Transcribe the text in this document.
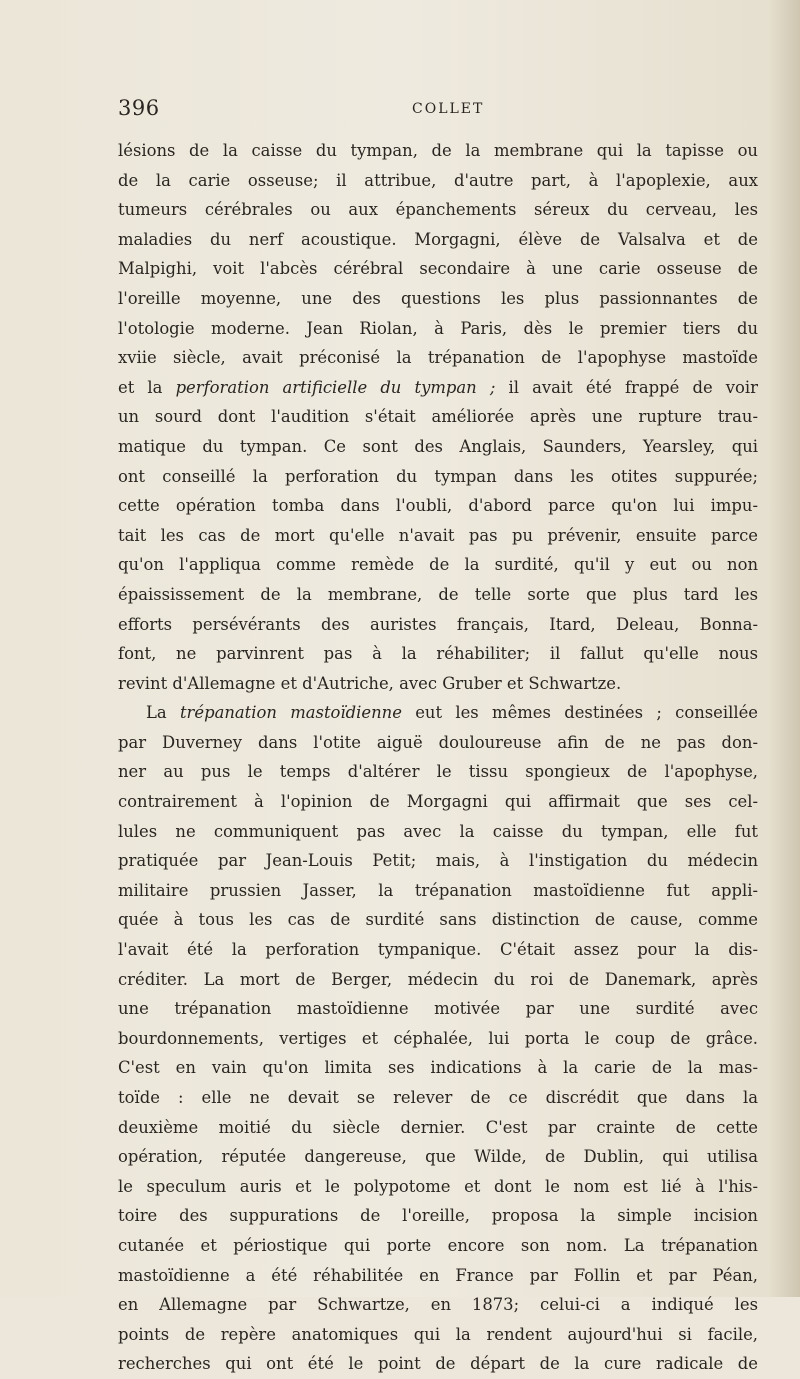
396	COLLET
lésions de la caisse du tympan, de la membrane qui la tapisse ou
de la carie osseuse; il attribue, d'autre part, à l'apoplexie, aux
tumeurs cérébrales ou aux épanchements séreux du cerveau, les
maladies du nerf acoustique. Morgagni, élève de Valsalva et de
Malpighi, voit l'abcès cérébral secondaire à une carie osseuse de
l'oreille moyenne, une des questions les plus passionnantes de
l'otologie moderne. Jean Riolan, à Paris, dès le premier tiers du
xviie siècle, avait préconisé la trépanation de l'apophyse mastoïde
et la perforation artificielle du tympan ; il avait été frappé de voir
un sourd dont l'audition s'était améliorée après une rupture trau-
matique du tympan. Ce sont des Anglais, Saunders, Yearsley, qui
ont conseillé la perforation du tympan dans les otites suppurée;
cette opération tomba dans l'oubli, d'abord parce qu'on lui impu-
tait les cas de mort qu'elle n'avait pas pu prévenir, ensuite parce
qu'on l'appliqua comme remède de la surdité, qu'il y eut ou non
épaississement de la membrane, de telle sorte que plus tard les
efforts persévérants des auristes français, Itard, Deleau, Bonna-
font, ne parvinrent pas à la réhabiliter; il fallut qu'elle nous
revint d'Allemagne et d'Autriche, avec Gruber et Schwartze.
La trépanation mastoïdienne eut les mêmes destinées ; conseillée
par Duverney dans l'otite aiguë douloureuse afin de ne pas don-
ner au pus le temps d'altérer le tissu spongieux de l'apophyse,
contrairement à l'opinion de Morgagni qui affirmait que ses cel-
lules ne communiquent pas avec la caisse du tympan, elle fut
pratiquée par Jean-Louis Petit; mais, à l'instigation du médecin
militaire prussien Jasser, la trépanation mastoïdienne fut appli-
quée à tous les cas de surdité sans distinction de cause, comme
l'avait été la perforation tympanique. C'était assez pour la dis-
créditer. La mort de Berger, médecin du roi de Danemark, après
une trépanation mastoïdienne motivée par une surdité avec
bourdonnements, vertiges et céphalée, lui porta le coup de grâce.
C'est en vain qu'on limita ses indications à la carie de la mas-
toïde : elle ne devait se relever de ce discrédit que dans la
deuxième moitié du siècle dernier. C'est par crainte de cette
opération, réputée dangereuse, que Wilde, de Dublin, qui utilisa
le speculum auris et le polypotome et dont le nom est lié à l'his-
toire des suppurations de l'oreille, proposa la simple incision
cutanée et périostique qui porte encore son nom. La trépanation
mastoïdienne a été réhabilitée en France par Follin et par Péan,
en Allemagne par Schwartze, en 1873; celui-ci a indiqué les
points de repère anatomiques qui la rendent aujourd'hui si facile,
recherches qui ont été le point de départ de la cure radicale de
